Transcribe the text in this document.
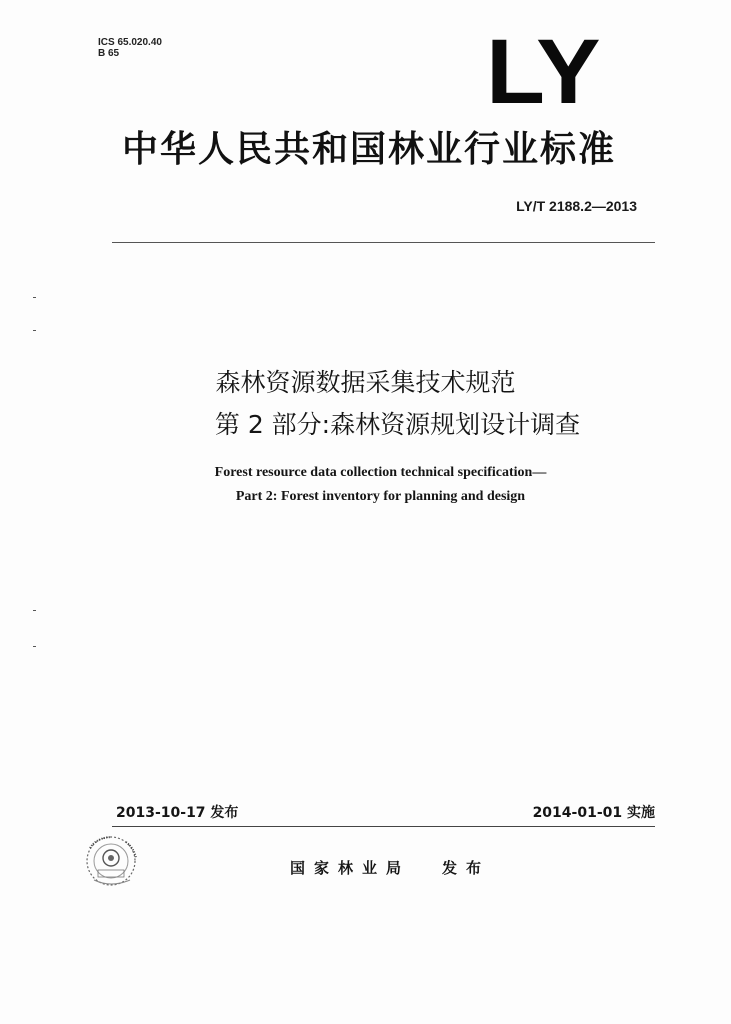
ICS 65.020.40
B 65	LY
中华人民共和国林业行业标准
LY/T 2188.2—2013
森林资源数据采集技术规范
第 2 部分:森林资源规划设计调查
Forest resource data collection technical specification—
Part 2: Forest inventory for planning and design
2013-10-17 发布	2014-01-01 实施
国家林业局 发布
